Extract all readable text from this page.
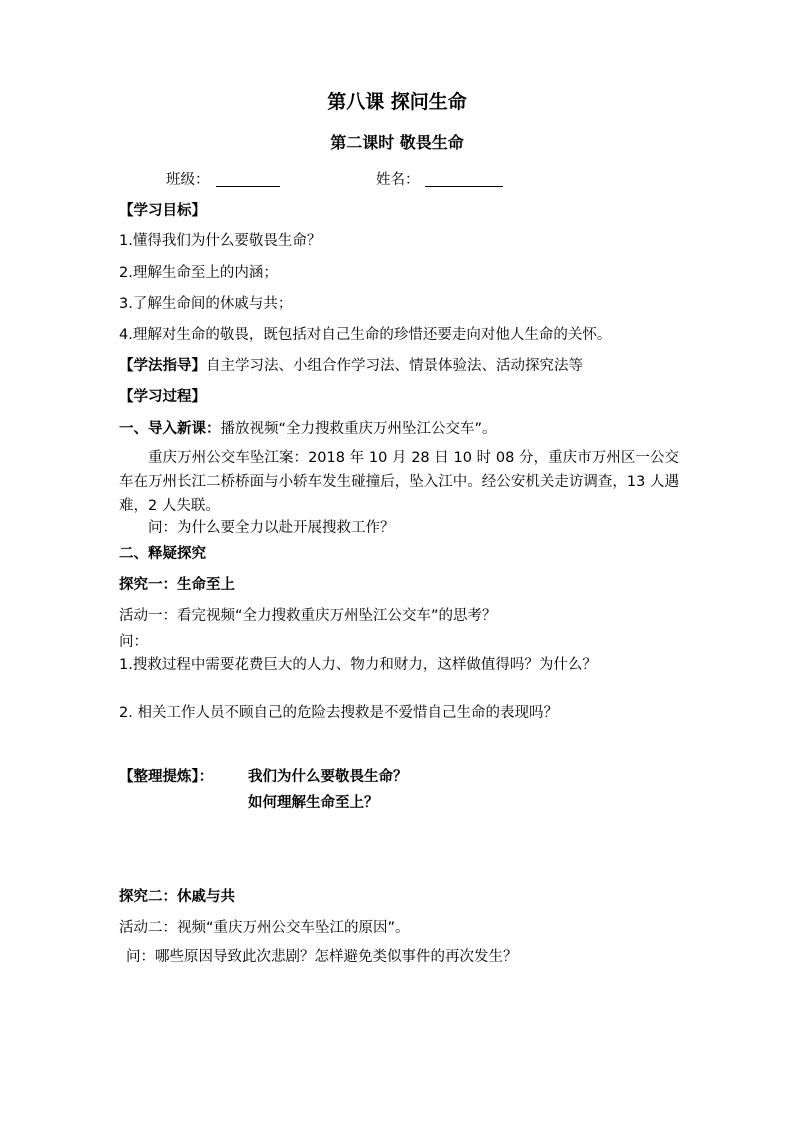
第八课 探问生命
第二课时 敬畏生命
班级：	姓名：
【学习目标】
1.懂得我们为什么要敬畏生命？
2.理解生命至上的内涵；
3.了解生命间的休戚与共；
4.理解对生命的敬畏，既包括对自己生命的珍惜还要走向对他人生命的关怀。
【学法指导】自主学习法、小组合作学习法、情景体验法、活动探究法等
【学习过程】
一、导入新课：播放视频“全力搜救重庆万州坠江公交车”。
重庆万州公交车坠江案：2018 年 10 月 28 日 10 时 08 分，重庆市万州区一公交车在万州长江二桥桥面与小轿车发生碰撞后，坠入江中。经公安机关走访调查，13 人遇难，2 人失联。
问：为什么要全力以赴开展搜救工作？
二、释疑探究
探究一：生命至上
活动一：看完视频“全力搜救重庆万州坠江公交车”的思考？
问：
1.搜救过程中需要花费巨大的人力、物力和财力，这样做值得吗？为什么？
2. 相关工作人员不顾自己的危险去搜救是不爱惜自己生命的表现吗？
【整理提炼】： 我们为什么要敬畏生命？
如何理解生命至上？
探究二：休戚与共
活动二：视频“重庆万州公交车坠江的原因”。
问：哪些原因导致此次悲剧？怎样避免类似事件的再次发生？
